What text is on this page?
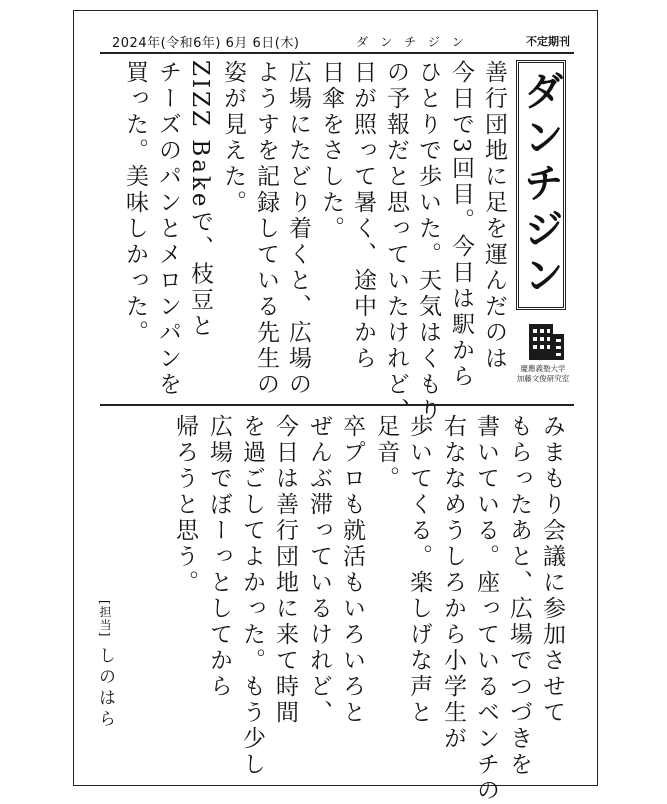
2024年(令和6年) 6月 6日(木)	ダンチジン	不定期刊
ダンチジン
慶應義塾大学
加藤文俊研究室
善行団地に足を運んだのは
今日で3回目。今日は駅から
ひとりで歩いた。天気はくもり
の予報だと思っていたけれど、
日が照って暑く、途中から
日傘をさした。
広場にたどり着くと、広場の
ようすを記録している先生の
姿が見えた。
ZIZZ Bakeで、枝豆と
チーズのパンとメロンパンを
買った。美味しかった。
みまもり会議に参加させて
もらったあと、広場でつづきを
書いている。座っているベンチの
右ななめうしろから小学生が
歩いてくる。楽しげな声と
足音。
卒プロも就活もいろいろと
ぜんぶ滞っているけれど、
今日は善行団地に来て時間
を過ごしてよかった。もう少し
広場でぼーっとしてから
帰ろうと思う。
[担当] しのはら
